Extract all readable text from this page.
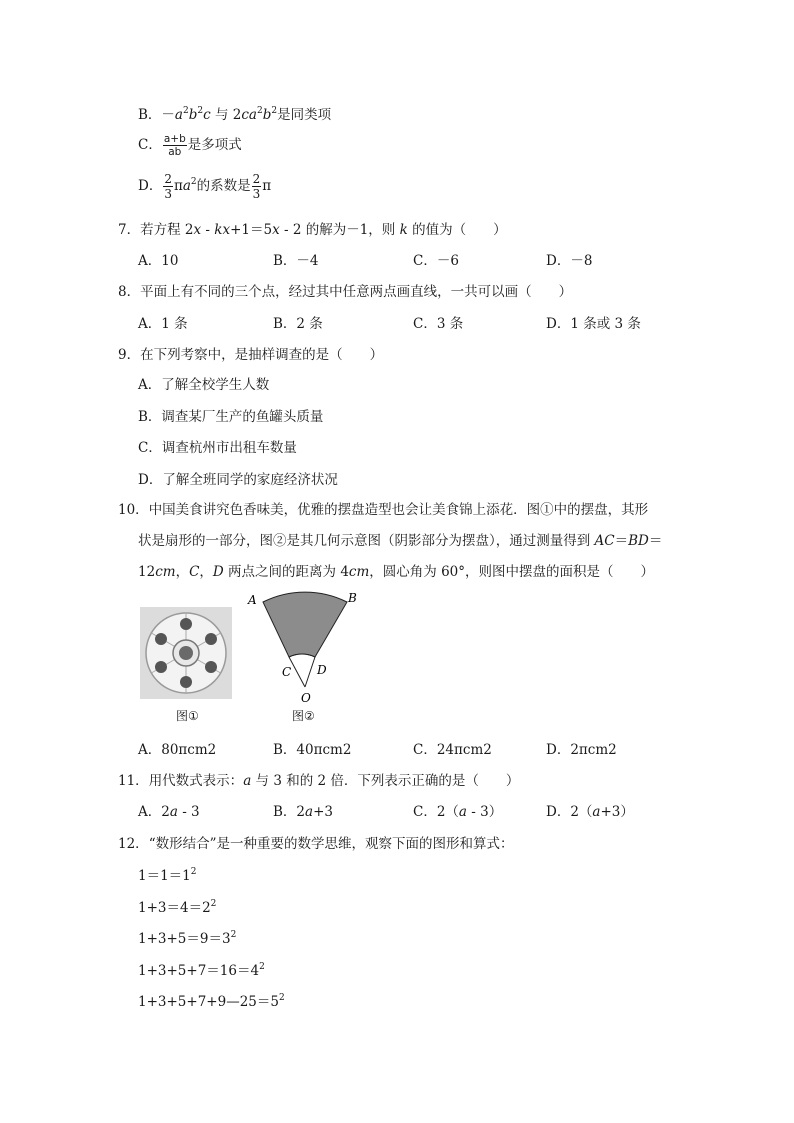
B．$-a^2b^2c$ 与 $2ca^2b^2$是同类项
C． $\frac{a+b}{ab}$ 是多项式
D． $\frac{2}{3} \pi a^2$的系数是 $\frac{2}{3}$ π
7．若方程 2x - kx+1＝5x - 2 的解为－1，则 k 的值为（　　）
A．10	B．－4	C．－6	D．－8
8．平面上有不同的三个点，经过其中任意两点画直线，一共可以画（　　）
A．1 条	B．2 条	C．3 条	D．1 条或 3 条
9．在下列考察中，是抽样调查的是（　　）
A．了解全校学生人数
B．调查某厂生产的鱼罐头质量
C．调查杭州市出租车数量
D．了解全班同学的家庭经济状况
10．中国美食讲究色香味美，优雅的摆盘造型也会让美食锦上添花．图①中的摆盘，其形
状是扇形的一部分，图②是其几何示意图（阴影部分为摆盘），通过测量得到 AC＝BD＝
12cm，C，D 两点之间的距离为 4cm，圆心角为 60°，则图中摆盘的面积是（　　）
图①
A	B
C D
O
图②
A．80πcm2	B．40πcm2	C．24πcm2	D．2πcm2
11．用代数式表示：a 与 3 和的 2 倍．下列表示正确的是（　　）
A．2a - 3	B．2a+3	C．2（a - 3）	D．2（a+3）
12．“数形结合”是一种重要的数学思维，观察下面的图形和算式：
$1=1=1^2$
$1+3=4=2^2$
$1+3+5=9=3^2$
$1+3+5+7=16=4^2$
$1+3+5+7+9—25=5^2$
